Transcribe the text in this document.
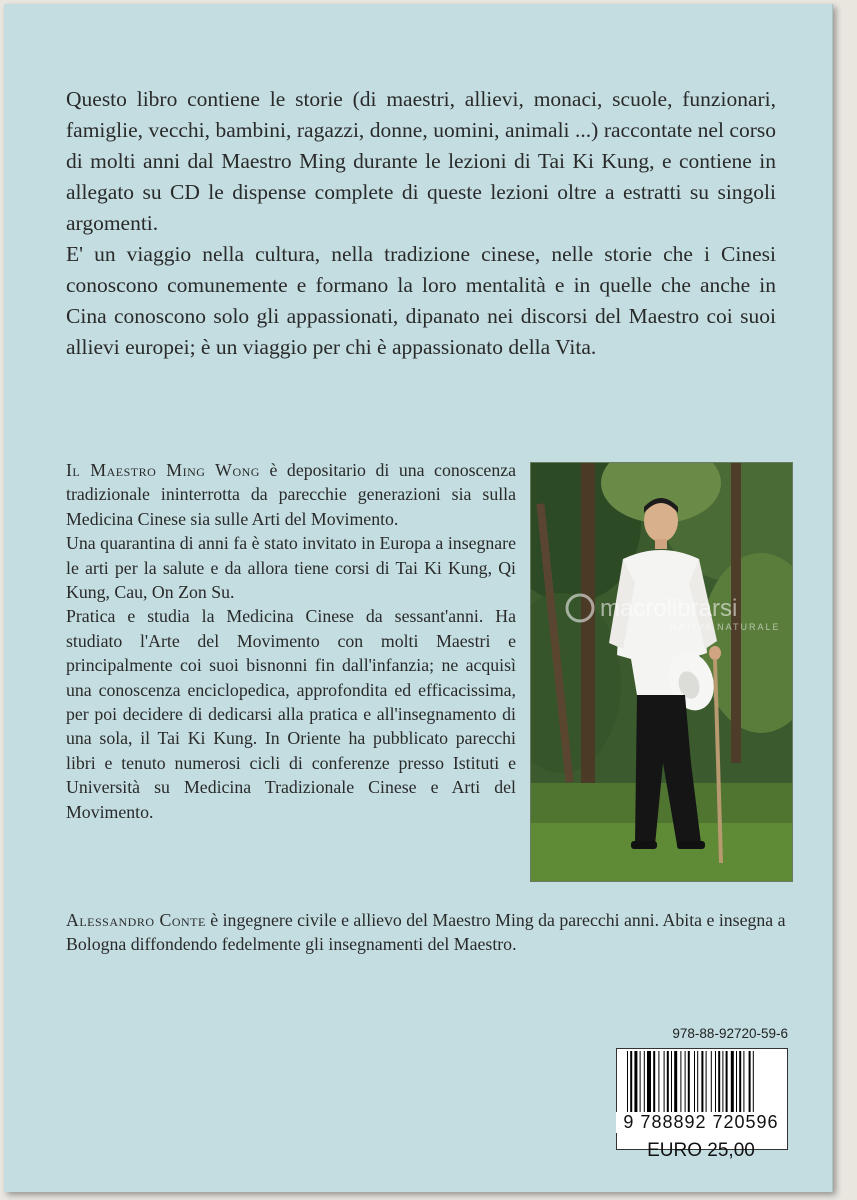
Questo libro contiene le storie (di maestri, allievi, monaci, scuole, funzionari, famiglie, vecchi, bambini, ragazzi, donne, uomini, animali ...) raccontate nel corso di molti anni dal Maestro Ming durante le lezioni di Tai Ki Kung, e contiene in allegato su CD le dispense complete di queste lezioni oltre a estratti su singoli argomenti.

E' un viaggio nella cultura, nella tradizione cinese, nelle storie che i Cinesi conoscono comunemente e formano la loro mentalità e in quelle che anche in Cina conoscono solo gli appassionati, dipanato nei discorsi del Maestro coi suoi allievi europei; è un viaggio per chi è appassionato della Vita.

Il Maestro Ming Wong è depositario di una conoscenza tradizionale ininterrotta da parecchie generazioni sia sulla Medicina Cinese sia sulle Arti del Movimento.

Una quarantina di anni fa è stato invitato in Europa a insegnare le arti per la salute e da allora tiene corsi di Tai Ki Kung, Qi Kung, Cau, On Zon Su.

Pratica e studia la Medicina Cinese da sessant'anni. Ha studiato l'Arte del Movimento con molti Maestri e principalmente coi suoi bisnonni fin dall'infanzia; ne acquisì una conoscenza enciclopedica, approfondita ed efficacissima, per poi decidere di dedicarsi alla pratica e all'insegnamento di una sola, il Tai Ki Kung. In Oriente ha pubblicato parecchi libri e tenuto numerosi cicli di conferenze presso Istituti e Università su Medicina Tradizionale Cinese e Arti del Movimento.

Alessandro Conte è ingegnere civile e allievo del Maestro Ming da parecchi anni. Abita e insegna a Bologna diffondendo fedelmente gli insegnamenti del Maestro.

978-88-92720-59-6
9 788892 720596
EURO 25,00
macrolibrarsi
NATIVA NATURALE
